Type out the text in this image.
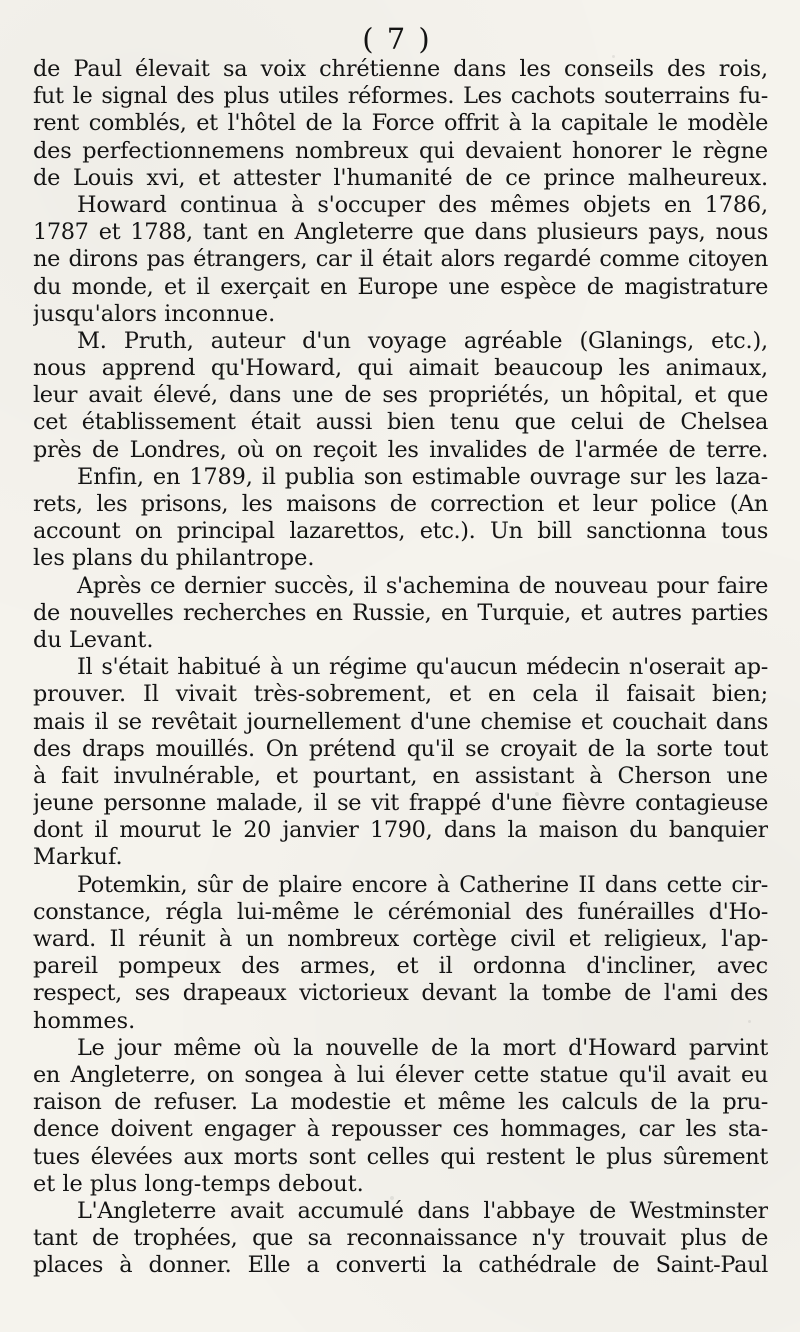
( 7 )
de Paul élevait sa voix chrétienne dans les conseils des rois,
fut le signal des plus utiles réformes. Les cachots souterrains fu-
rent comblés, et l'hôtel de la Force offrit à la capitale le modèle
des perfectionnemens nombreux qui devaient honorer le règne
de Louis xvi, et attester l'humanité de ce prince malheureux.
Howard continua à s'occuper des mêmes objets en 1786,
1787 et 1788, tant en Angleterre que dans plusieurs pays, nous
ne dirons pas étrangers, car il était alors regardé comme citoyen
du monde, et il exerçait en Europe une espèce de magistrature
jusqu'alors inconnue.
M. Pruth, auteur d'un voyage agréable (Glanings, etc.),
nous apprend qu'Howard, qui aimait beaucoup les animaux,
leur avait élevé, dans une de ses propriétés, un hôpital, et que
cet établissement était aussi bien tenu que celui de Chelsea
près de Londres, où on reçoit les invalides de l'armée de terre.
Enfin, en 1789, il publia son estimable ouvrage sur les laza-
rets, les prisons, les maisons de correction et leur police (An
account on principal lazarettos, etc.). Un bill sanctionna tous
les plans du philantrope.
Après ce dernier succès, il s'achemina de nouveau pour faire
de nouvelles recherches en Russie, en Turquie, et autres parties
du Levant.
Il s'était habitué à un régime qu'aucun médecin n'oserait ap-
prouver. Il vivait très-sobrement, et en cela il faisait bien;
mais il se revêtait journellement d'une chemise et couchait dans
des draps mouillés. On prétend qu'il se croyait de la sorte tout
à fait invulnérable, et pourtant, en assistant à Cherson une
jeune personne malade, il se vit frappé d'une fièvre contagieuse
dont il mourut le 20 janvier 1790, dans la maison du banquier
Markuf.
Potemkin, sûr de plaire encore à Catherine II dans cette cir-
constance, régla lui-même le cérémonial des funérailles d'Ho-
ward. Il réunit à un nombreux cortège civil et religieux, l'ap-
pareil pompeux des armes, et il ordonna d'incliner, avec
respect, ses drapeaux victorieux devant la tombe de l'ami des
hommes.
Le jour même où la nouvelle de la mort d'Howard parvint
en Angleterre, on songea à lui élever cette statue qu'il avait eu
raison de refuser. La modestie et même les calculs de la pru-
dence doivent engager à repousser ces hommages, car les sta-
tues élevées aux morts sont celles qui restent le plus sûrement
et le plus long-temps debout.
L'Angleterre avait accumulé dans l'abbaye de Westminster
tant de trophées, que sa reconnaissance n'y trouvait plus de
places à donner. Elle a converti la cathédrale de Saint-Paul
